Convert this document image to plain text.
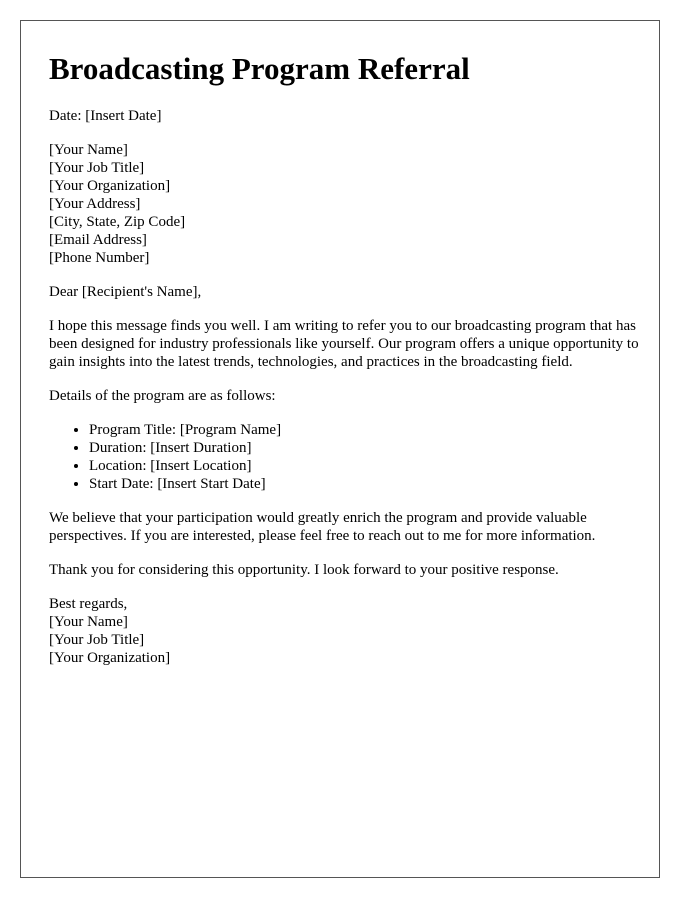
Broadcasting Program Referral
Date: [Insert Date]
[Your Name]
[Your Job Title]
[Your Organization]
[Your Address]
[City, State, Zip Code]
[Email Address]
[Phone Number]
Dear [Recipient's Name],
I hope this message finds you well. I am writing to refer you to our broadcasting program that has been designed for industry professionals like yourself. Our program offers a unique opportunity to gain insights into the latest trends, technologies, and practices in the broadcasting field.
Details of the program are as follows:
• Program Title: [Program Name]
• Duration: [Insert Duration]
• Location: [Insert Location]
• Start Date: [Insert Start Date]
We believe that your participation would greatly enrich the program and provide valuable perspectives. If you are interested, please feel free to reach out to me for more information.
Thank you for considering this opportunity. I look forward to your positive response.
Best regards,
[Your Name]
[Your Job Title]
[Your Organization]
